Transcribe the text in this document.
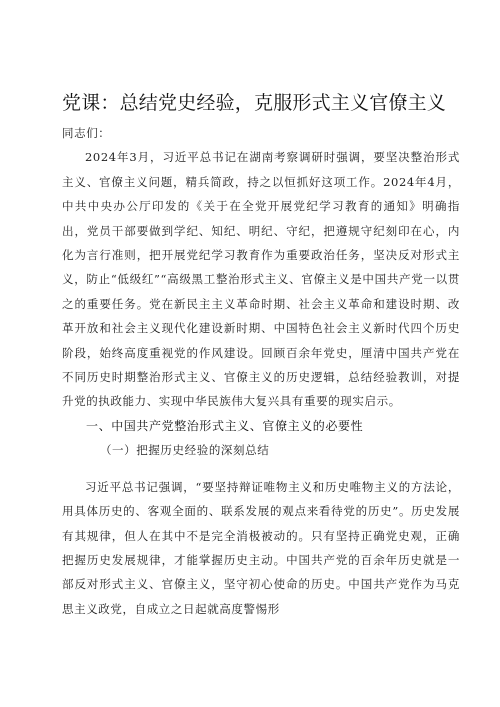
党课：总结党史经验，克服形式主义官僚主义

同志们：

2024年3月，习近平总书记在湖南考察调研时强调，要坚决整治形式主义、官僚主义问题，精兵简政，持之以恒抓好这项工作。2024年4月，中共中央办公厅印发的《关于在全党开展党纪学习教育的通知》明确指出，党员干部要做到学纪、知纪、明纪、守纪，把遵规守纪刻印在心，内化为言行准则，把开展党纪学习教育作为重要政治任务，坚决反对形式主义，防止“低级红”“高级黑工整治形式主义、官僚主义是中国共产党一以贯之的重要任务。党在新民主主义革命时期、社会主义革命和建设时期、改革开放和社会主义现代化建设新时期、中国特色社会主义新时代四个历史阶段，始终高度重视党的作风建设。回顾百余年党史，厘清中国共产党在不同历史时期整治形式主义、官僚主义的历史逻辑，总结经验教训，对提升党的执政能力、实现中华民族伟大复兴具有重要的现实启示。

一、中国共产党整治形式主义、官僚主义的必要性

（一）把握历史经验的深刻总结

习近平总书记强调，“要坚持辩证唯物主义和历史唯物主义的方法论，用具体历史的、客观全面的、联系发展的观点来看待党的历史”。历史发展有其规律，但人在其中不是完全消极被动的。只有坚持正确党史观，正确把握历史发展规律，才能掌握历史主动。中国共产党的百余年历史就是一部反对形式主义、官僚主义，坚守初心使命的历史。中国共产党作为马克思主义政党，自成立之日起就高度警惕形
